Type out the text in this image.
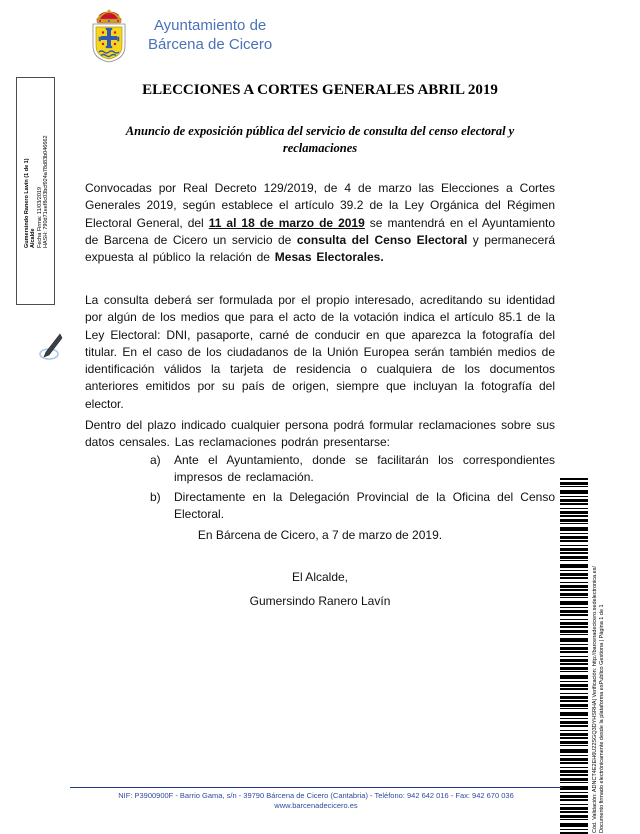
Ayuntamiento de
Bárcena de Cicero
Gumersindo Ranero Lavín (1 de 1) Alcalde Fecha Firma: 11/03/2019 HASH: 790d71eef8c03bcf924a78d83b046662
ELECCIONES A CORTES GENERALES ABRIL 2019
Anuncio de exposición pública del servicio de consulta del censo electoral y reclamaciones
Convocadas por Real Decreto 129/2019, de 4 de marzo las Elecciones a Cortes Generales 2019, según establece el artículo 39.2 de la Ley Orgánica del Régimen Electoral General, del 11 al 18 de marzo de 2019 se mantendrá en el Ayuntamiento de Barcena de Cicero un servicio de consulta del Censo Electoral y permanecerá expuesta al público la relación de Mesas Electorales.
La consulta deberá ser formulada por el propio interesado, acreditando su identidad por algún de los medios que para el acto de la votación indica el artículo 85.1 de la Ley Electoral: DNI, pasaporte, carné de conducir en que aparezca la fotografía del titular. En el caso de los ciudadanos de la Unión Europea serán también medios de identificación válidos la tarjeta de residencia o cualquiera de los documentos anteriores emitidos por su país de origen, siempre que incluyan la fotografía del elector.
Dentro del plazo indicado cualquier persona podrá formular reclamaciones sobre sus datos censales. Las reclamaciones podrán presentarse:
a) Ante el Ayuntamiento, donde se facilitarán los correspondientes impresos de reclamación.
b) Directamente en la Delegación Provincial de la Oficina del Censo Electoral.
En Bárcena de Cicero, a 7 de marzo de 2019.
El Alcalde,
Gumersindo Ranero Lavín	Cód. Validación: ADNCT4E2EH6U22SGQ3DYHSRHA| Verificación: http://barcenadecicero.sedelectronica.es/ Documento firmado electrónicamente desde la plataforma esPublico Gestiona | Página 1 de 1
NIF: P3900900F - Barrio Gama, s/n - 39790 Bárcena de Cicero (Cantabria) - Teléfono: 942 642 016 - Fax: 942 670 036
www.barcenadecicero.es
